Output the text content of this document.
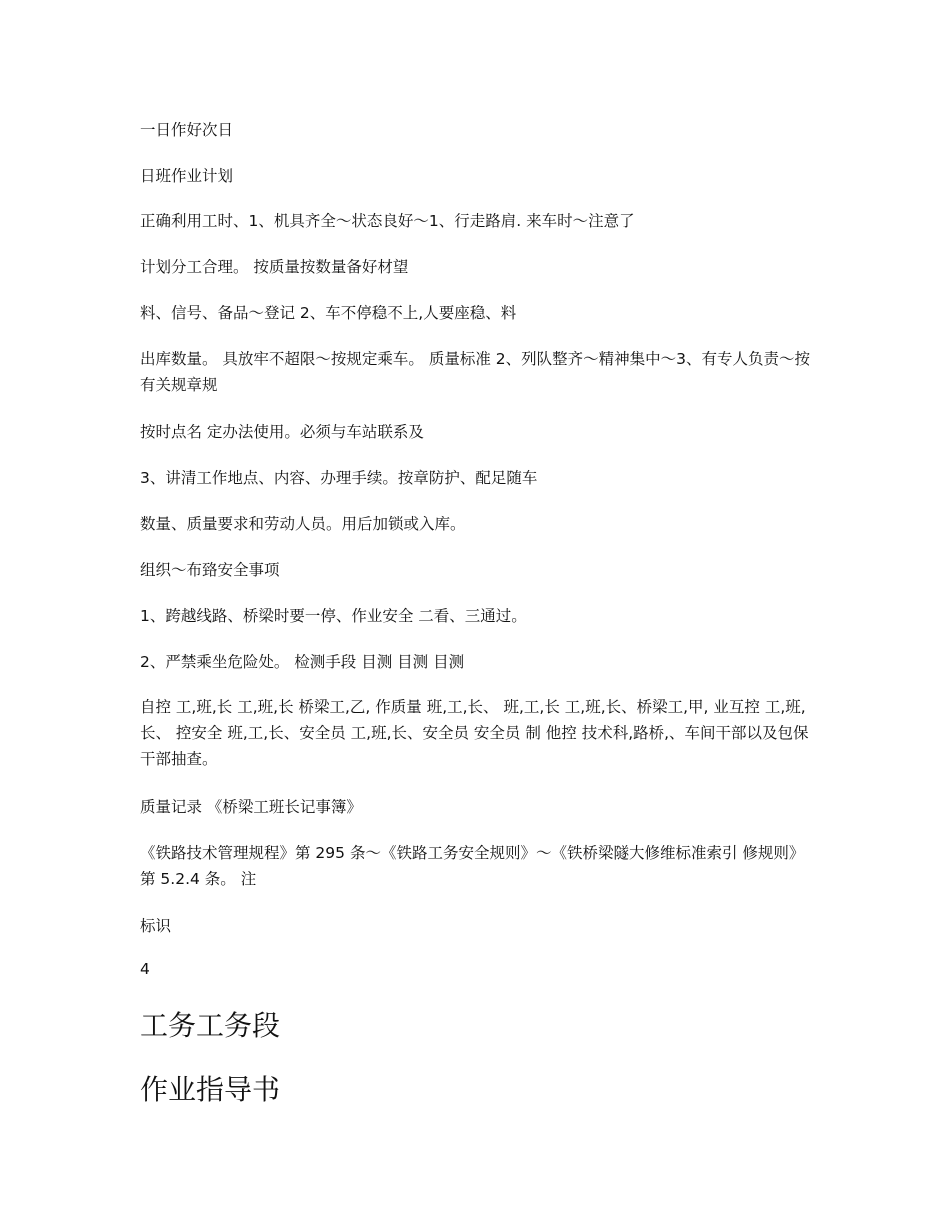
一日作好次日
日班作业计划
正确利用工时、1、机具齐全～状态良好～1、行走路肩. 来车时～注意了
计划分工合理。 按质量按数量备好材望
料、信号、备品～登记 2、车不停稳不上,人要座稳、料
出库数量。 具放牢不超限～按规定乘车。 质量标准 2、列队整齐～精神集中～3、有专人负责～按有关规章规
按时点名 定办法使用。必须与车站联系及
3、讲清工作地点、内容、办理手续。按章防护、配足随车
数量、质量要求和劳动人员。用后加锁或入库。
组织～布臵安全事项
1、跨越线路、桥梁时要一停、作业安全 二看、三通过。
2、严禁乘坐危险处。 检测手段 目测 目测 目测
自控 工,班,长 工,班,长 桥梁工,乙, 作质量 班,工,长、 班,工,长 工,班,长、桥梁工,甲, 业互控 工,班,长、 控安全 班,工,长、安全员 工,班,长、安全员 安全员 制 他控 技术科,路桥,、车间干部以及包保干部抽查。
质量记录 《桥梁工班长记事簿》
《铁路技术管理规程》第 295 条～《铁路工务安全规则》～《铁桥梁隧大修维标准索引 修规则》第 5.2.4 条。 注
标识
4
工务工务段
作业指导书
